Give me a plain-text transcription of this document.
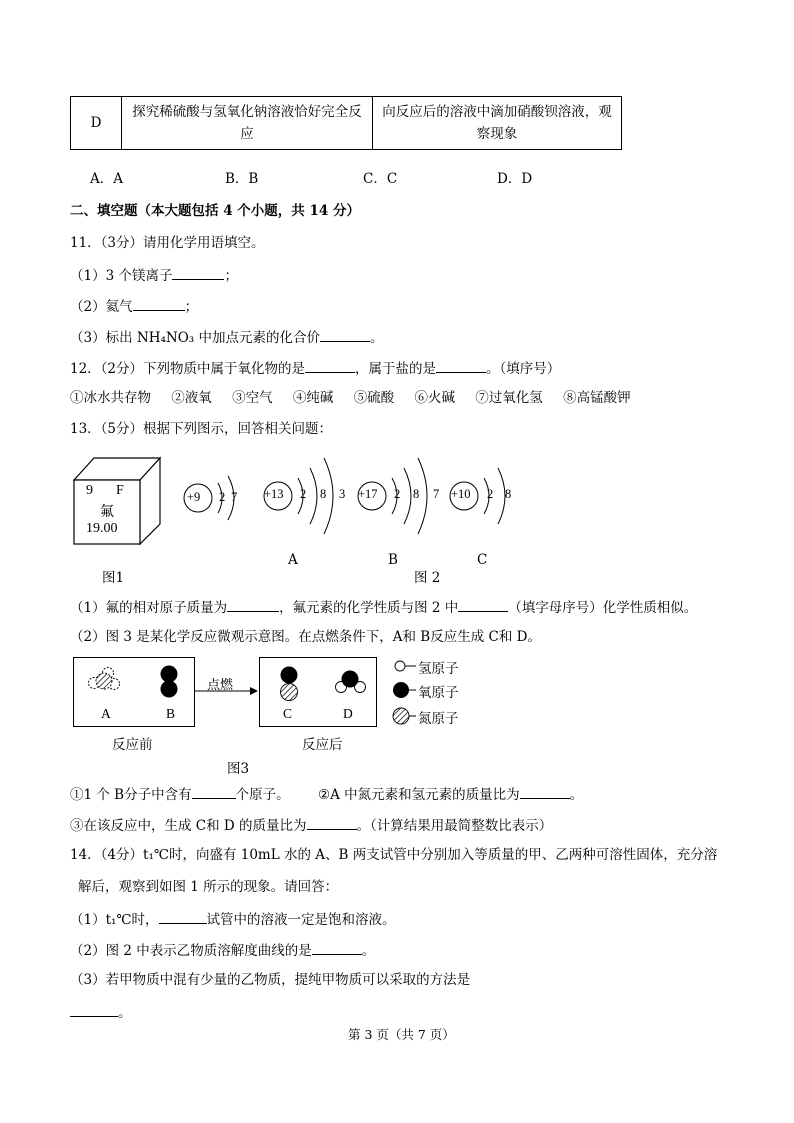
D	探究稀硫酸与氢氧化钠溶液恰好完全反应	向反应后的溶液中滴加硝酸钡溶液，观察现象
A．A	B．B	C．C	D．D
二、填空题（本大题包括 4 个小题，共 14 分）
11．（3分）请用化学用语填空。
（1）3 个镁离子	；
（2）氦气	；
（3）标出 NH₄NO₃ 中加点元素的化合价	。
12．（2分）下列物质中属于氧化物的是	，属于盐的是	。（填序号）
①冰水共存物 ②液氧 ③空气 ④纯碱 ⑤硫酸 ⑥火碱 ⑦过氧化氢 ⑧高锰酸钾
13．（5分）根据下列图示，回答相关问题：
9 F
氟
19.00
图1
+9 2 7 +13 2 8 3
A
+17 2 8 7
B
+10 2 8
C
图 2
（1）氟的相对原子质量为	，氟元素的化学性质与图 2 中	（填字母序号）化学性质相似。
（2）图 3 是某化学反应微观示意图。在点燃条件下，A和 B反应生成 C和 D。
点燃
A	B	C	D
氢原子
氧原子
氮原子
反应前	反应后
图3
①1 个 B分子中含有	个原子。 ②A 中氮元素和氢元素的质量比为	。
③在该反应中，生成 C和 D 的质量比为	。（计算结果用最简整数比表示）
14．（4分）t₁℃时，向盛有 10mL 水的 A、B 两支试管中分别加入等质量的甲、乙两种可溶性固体，充分溶
解后，观察到如图 1 所示的现象。请回答：
（1）t₁℃时，	试管中的溶液一定是饱和溶液。
（2）图 2 中表示乙物质溶解度曲线的是	。
（3）若甲物质中混有少量的乙物质，提纯甲物质可以采取的方法是
。
第 3 页（共 7 页）
